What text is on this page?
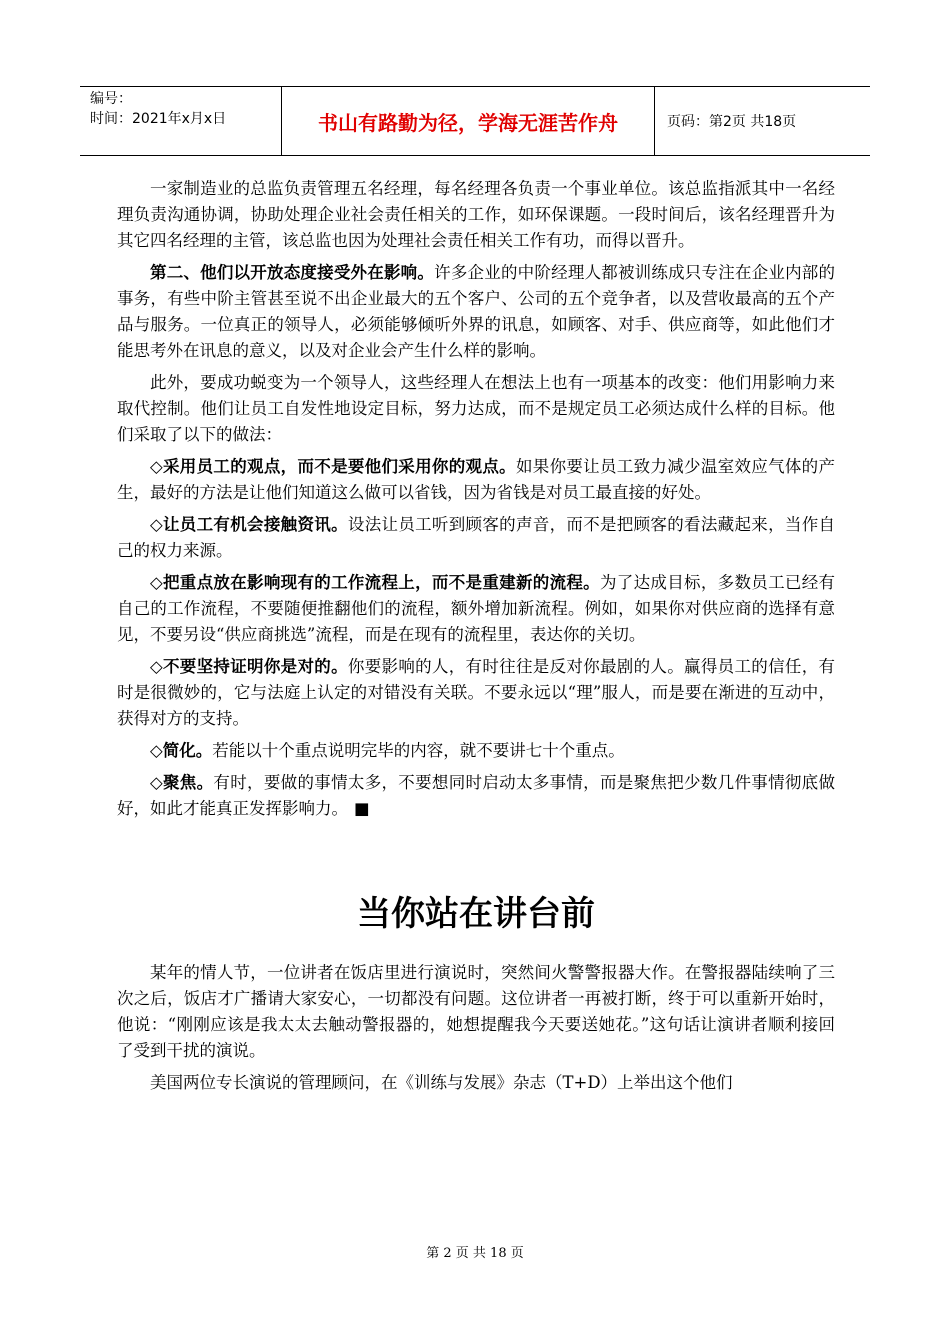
编号：
时间：2021年x月x日	书山有路勤为径，学海无涯苦作舟	页码：第2页 共18页

一家制造业的总监负责管理五名经理，每名经理各负责一个事业单位。该总监指派其中一名经理负责沟通协调，协助处理企业社会责任相关的工作，如环保课题。一段时间后，该名经理晋升为其它四名经理的主管，该总监也因为处理社会责任相关工作有功，而得以晋升。

第二、他们以开放态度接受外在影响。许多企业的中阶经理人都被训练成只专注在企业内部的事务，有些中阶主管甚至说不出企业最大的五个客户、公司的五个竞争者，以及营收最高的五个产品与服务。一位真正的领导人，必须能够倾听外界的讯息，如顾客、对手、供应商等，如此他们才能思考外在讯息的意义，以及对企业会产生什么样的影响。

此外，要成功蜕变为一个领导人，这些经理人在想法上也有一项基本的改变：他们用影响力来取代控制。他们让员工自发性地设定目标，努力达成，而不是规定员工必须达成什么样的目标。他们采取了以下的做法：

◇采用员工的观点，而不是要他们采用你的观点。如果你要让员工致力减少温室效应气体的产生，最好的方法是让他们知道这么做可以省钱，因为省钱是对员工最直接的好处。

◇让员工有机会接触资讯。设法让员工听到顾客的声音，而不是把顾客的看法藏起来，当作自己的权力来源。

◇把重点放在影响现有的工作流程上，而不是重建新的流程。为了达成目标，多数员工已经有自己的工作流程，不要随便推翻他们的流程，额外增加新流程。例如，如果你对供应商的选择有意见，不要另设“供应商挑选”流程，而是在现有的流程里，表达你的关切。

◇不要坚持证明你是对的。你要影响的人，有时往往是反对你最剧的人。赢得员工的信任，有时是很微妙的，它与法庭上认定的对错没有关联。不要永远以“理”服人，而是要在渐进的互动中，获得对方的支持。

◇简化。若能以十个重点说明完毕的内容，就不要讲七十个重点。

◇聚焦。有时，要做的事情太多，不要想同时启动太多事情，而是聚焦把少数几件事情彻底做好，如此才能真正发挥影响力。 ■

当你站在讲台前

某年的情人节，一位讲者在饭店里进行演说时，突然间火警警报器大作。在警报器陆续响了三次之后，饭店才广播请大家安心，一切都没有问题。这位讲者一再被打断，终于可以重新开始时，他说：“刚刚应该是我太太去触动警报器的，她想提醒我今天要送她花。”这句话让演讲者顺利接回了受到干扰的演说。

美国两位专长演说的管理顾问，在《训练与发展》杂志（T+D）上举出这个他们

第 2 页 共 18 页
